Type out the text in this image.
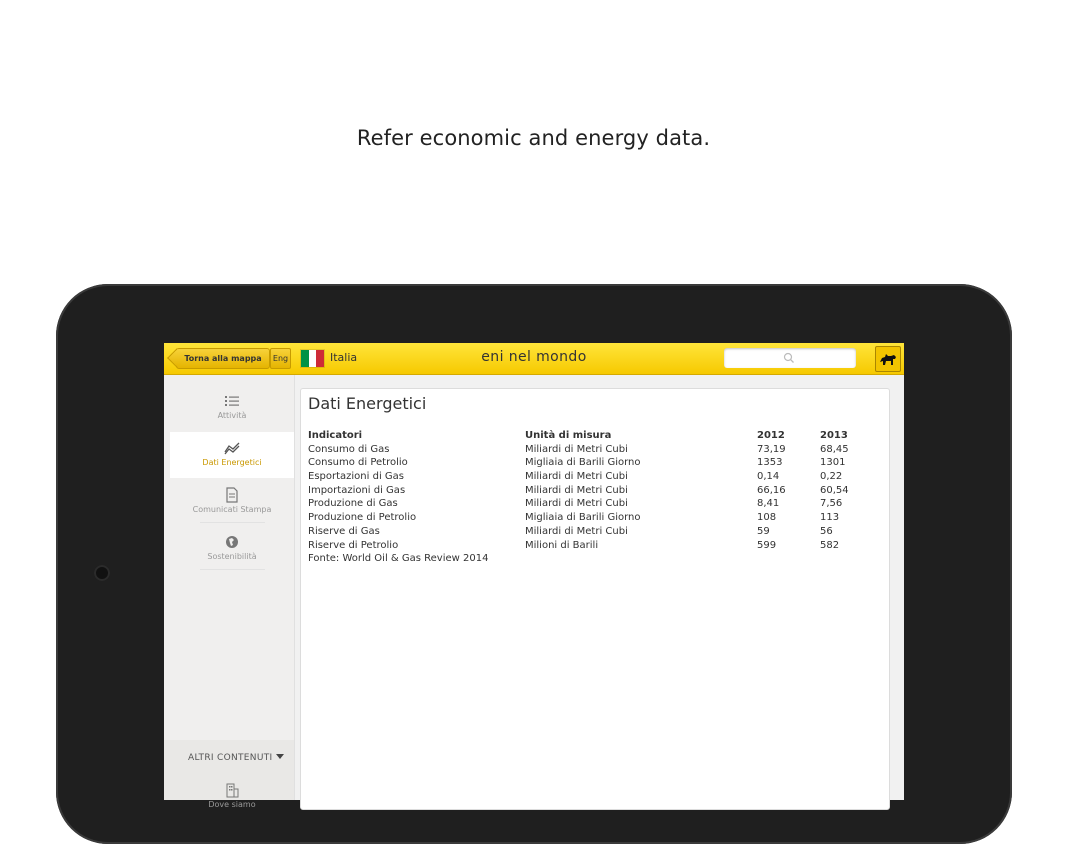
Refer economic and energy data.
Torna alla mappa	Eng	Italia	eni nel mondo
Attività
Dati Energetici
Comunicati Stampa
Sostenibilità
ALTRI CONTENUTI
Dove siamo
Dati Energetici
Indicatori	Unità di misura	2012	2013
Consumo di Gas	Miliardi di Metri Cubi	73,19	68,45
Consumo di Petrolio	Migliaia di Barili Giorno	1353	1301
Esportazioni di Gas	Miliardi di Metri Cubi	0,14	0,22
Importazioni di Gas	Miliardi di Metri Cubi	66,16	60,54
Produzione di Gas	Miliardi di Metri Cubi	8,41	7,56
Produzione di Petrolio	Migliaia di Barili Giorno	108	113
Riserve di Gas	Miliardi di Metri Cubi	59	56
Riserve di Petrolio	Milioni di Barili	599	582
Fonte: World Oil & Gas Review 2014
